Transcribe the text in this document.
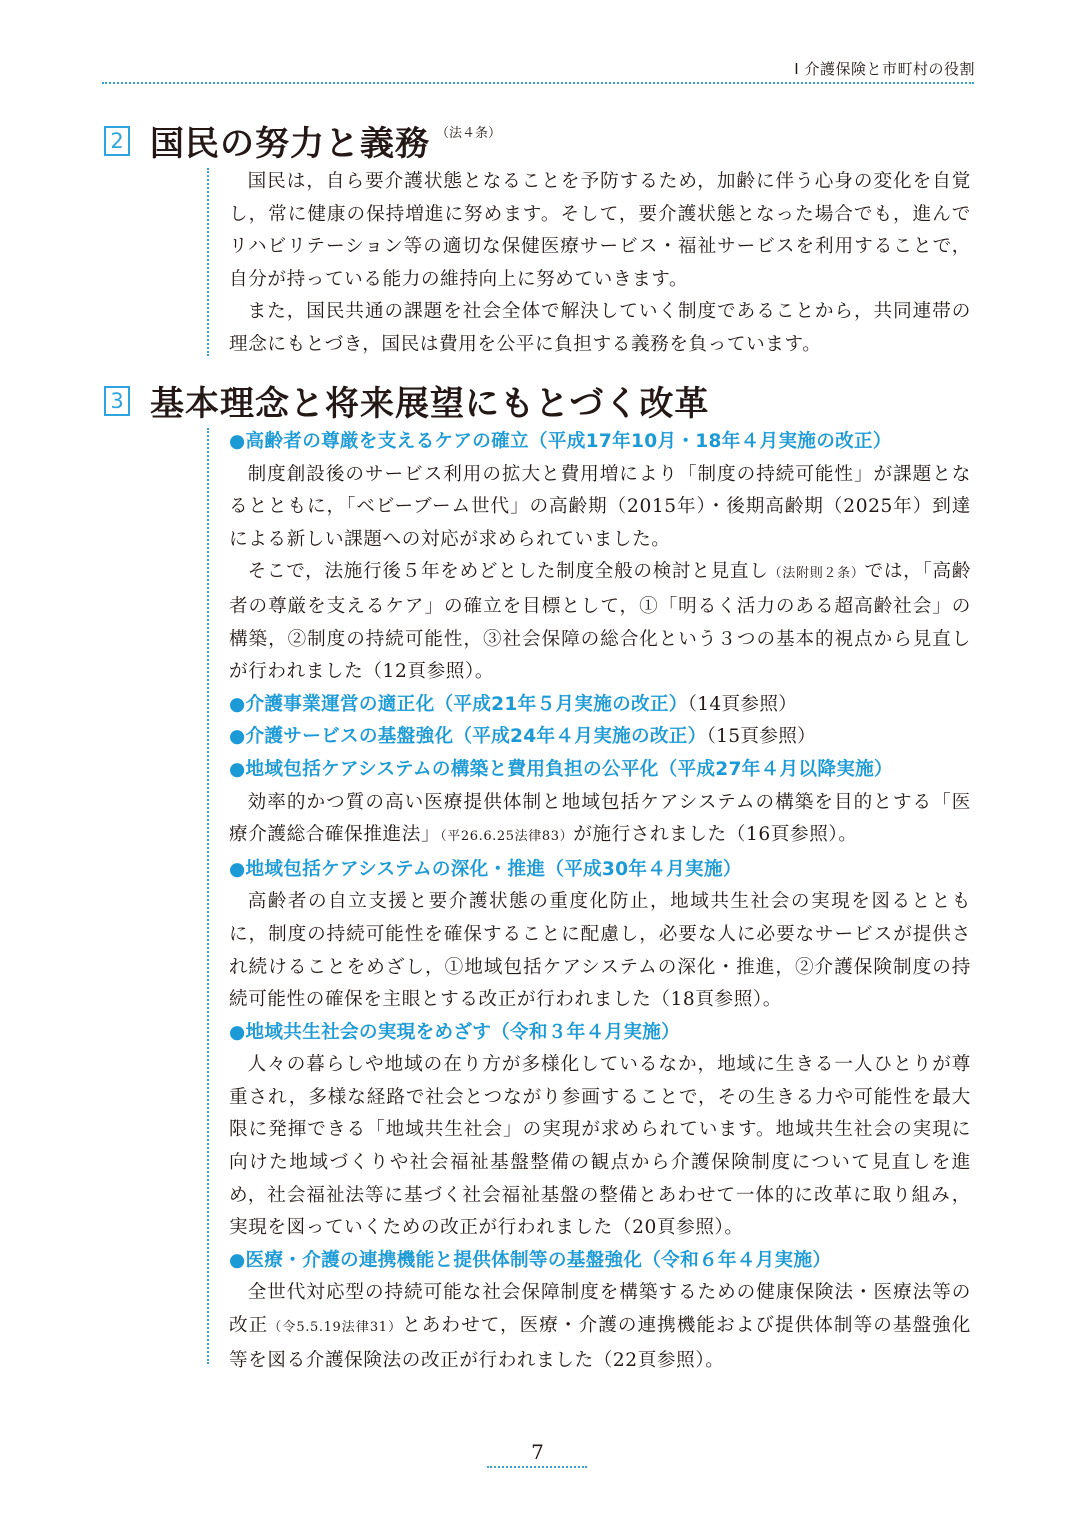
Ⅰ 介護保険と市町村の役割
2 国民の努力と義務 （法４条）

国民は，自ら要介護状態となることを予防するため，加齢に伴う心身の変化を自覚し，常に健康の保持増進に努めます。そして，要介護状態となった場合でも，進んでリハビリテーション等の適切な保健医療サービス・福祉サービスを利用することで，自分が持っている能力の維持向上に努めていきます。

また，国民共通の課題を社会全体で解決していく制度であることから，共同連帯の理念にもとづき，国民は費用を公平に負担する義務を負っています。

3 基本理念と将来展望にもとづく改革
●高齢者の尊厳を支えるケアの確立（平成17年10月・18年４月実施の改正）

制度創設後のサービス利用の拡大と費用増により「制度の持続可能性」が課題となるとともに，「ベビーブーム世代」の高齢期（2015年）・後期高齢期（2025年）到達による新しい課題への対応が求められていました。

そこで，法施行後５年をめどとした制度全般の検討と見直し（法附則２条）では，「高齢者の尊厳を支えるケア」の確立を目標として，①「明るく活力のある超高齢社会」の構築，②制度の持続可能性，③社会保障の総合化という３つの基本的視点から見直しが行われました（12頁参照）。

●介護事業運営の適正化（平成21年５月実施の改正）（14頁参照）
●介護サービスの基盤強化（平成24年４月実施の改正）（15頁参照）
●地域包括ケアシステムの構築と費用負担の公平化（平成27年４月以降実施）

効率的かつ質の高い医療提供体制と地域包括ケアシステムの構築を目的とする「医療介護総合確保推進法」（平26.6.25法律83）が施行されました（16頁参照）。

●地域包括ケアシステムの深化・推進（平成30年４月実施）

高齢者の自立支援と要介護状態の重度化防止，地域共生社会の実現を図るとともに，制度の持続可能性を確保することに配慮し，必要な人に必要なサービスが提供され続けることをめざし，①地域包括ケアシステムの深化・推進，②介護保険制度の持続可能性の確保を主眼とする改正が行われました（18頁参照）。

●地域共生社会の実現をめざす（令和３年４月実施）

人々の暮らしや地域の在り方が多様化しているなか，地域に生きる一人ひとりが尊重され，多様な経路で社会とつながり参画することで，その生きる力や可能性を最大限に発揮できる「地域共生社会」の実現が求められています。地域共生社会の実現に向けた地域づくりや社会福祉基盤整備の観点から介護保険制度について見直しを進め，社会福祉法等に基づく社会福祉基盤の整備とあわせて一体的に改革に取り組み，実現を図っていくための改正が行われました（20頁参照）。

●医療・介護の連携機能と提供体制等の基盤強化（令和６年４月実施）

全世代対応型の持続可能な社会保障制度を構築するための健康保険法・医療法等の改正（令5.5.19法律31）とあわせて，医療・介護の連携機能および提供体制等の基盤強化等を図る介護保険法の改正が行われました（22頁参照）。

7
